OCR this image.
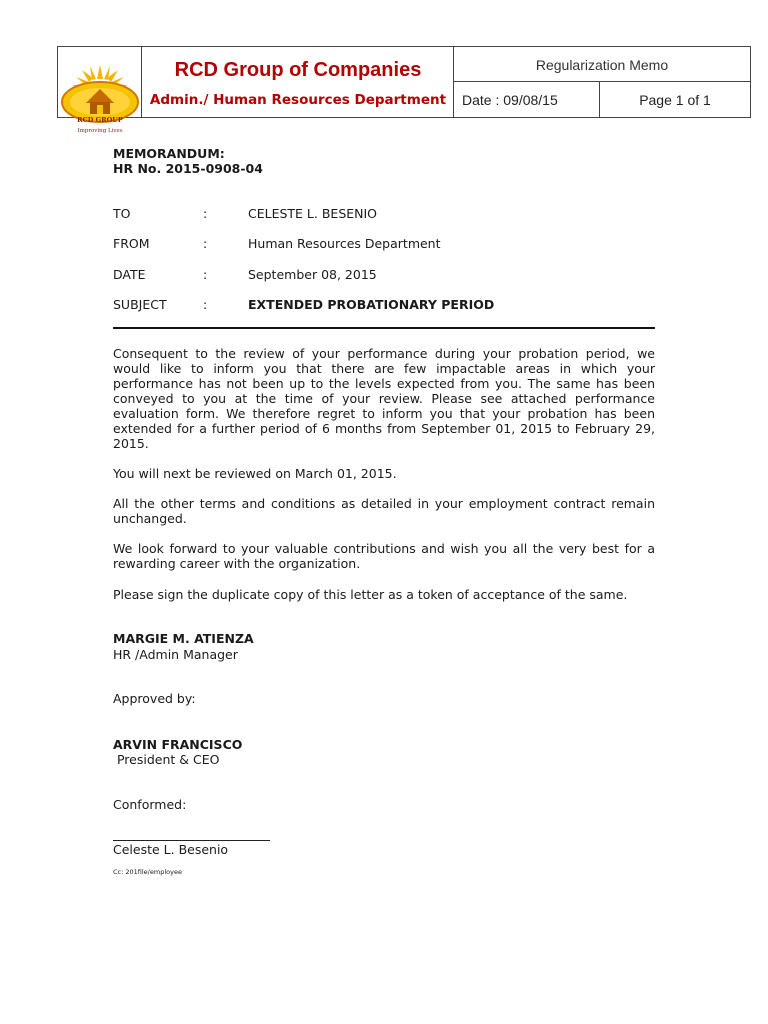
RCD GROUP
Improving Lives
RCD Group of Companies
Admin./ Human Resources Department
Regularization Memo
Date : 09/08/15	Page 1 of 1
MEMORANDUM:
HR No. 2015-0908-04
TO	:	CELESTE L. BESENIO
FROM	:	Human Resources Department
DATE	:	September 08, 2015
SUBJECT	:	EXTENDED PROBATIONARY PERIOD
Consequent to the review of your performance during your probation period, we
would like to inform you that there are few impactable areas in which your
performance has not been up to the levels expected from you. The same has been
conveyed to you at the time of your review. Please see attached performance
evaluation form. We therefore regret to inform you that your probation has been
extended for a further period of 6 months from September 01, 2015 to February 29,
2015.
You will next be reviewed on March 01, 2015.
All the other terms and conditions as detailed in your employment contract remain
unchanged.
We look forward to your valuable contributions and wish you all the very best for a
rewarding career with the organization.
Please sign the duplicate copy of this letter as a token of acceptance of the same.
MARGIE M. ATIENZA
HR /Admin Manager
Approved by:
ARVIN FRANCISCO
President & CEO
Conformed:
Celeste L. Besenio
Cc: 201file/employee
